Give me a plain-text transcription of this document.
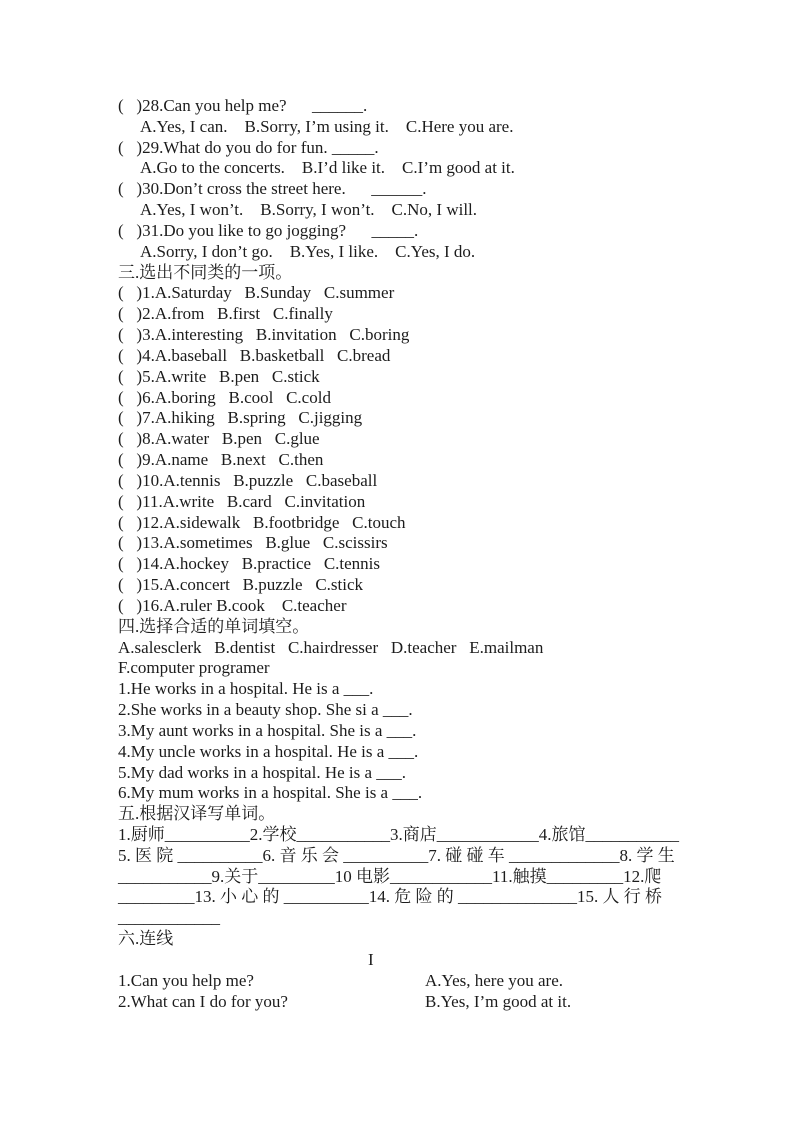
(   )28.Can you help me?      ______.
A.Yes, I can.    B.Sorry, I’m using it.    C.Here you are.
(   )29.What do you do for fun. _____.
A.Go to the concerts.    B.I’d like it.    C.I’m good at it.
(   )30.Don’t cross the street here.      ______.
A.Yes, I won’t.    B.Sorry, I won’t.    C.No, I will.
(   )31.Do you like to go jogging?      _____.
A.Sorry, I don’t go.    B.Yes, I like.    C.Yes, I do.
三.选出不同类的一项。
(   )1.A.Saturday   B.Sunday   C.summer
(   )2.A.from   B.first   C.finally
(   )3.A.interesting   B.invitation   C.boring
(   )4.A.baseball   B.basketball   C.bread
(   )5.A.write   B.pen   C.stick
(   )6.A.boring   B.cool   C.cold
(   )7.A.hiking   B.spring   C.jigging
(   )8.A.water   B.pen   C.glue
(   )9.A.name   B.next   C.then
(   )10.A.tennis   B.puzzle   C.baseball
(   )11.A.write   B.card   C.invitation
(   )12.A.sidewalk   B.footbridge   C.touch
(   )13.A.sometimes   B.glue   C.scissirs
(   )14.A.hockey   B.practice   C.tennis
(   )15.A.concert   B.puzzle   C.stick
(   )16.A.ruler B.cook    C.teacher
四.选择合适的单词填空。
A.salesclerk   B.dentist   C.hairdresser   D.teacher   E.mailman
F.computer programer
1.He works in a hospital. He is a ___.
2.She works in a beauty shop. She si a ___.
3.My aunt works in a hospital. She is a ___.
4.My uncle works in a hospital. He is a ___.
5.My dad works in a hospital. He is a ___.
6.My mum works in a hospital. She is a ___.
五.根据汉译写单词。
1.厨师__________2.学校___________3.商店____________4.旅馆___________
5. 医 院 __________6. 音 乐 会 __________7. 碰 碰 车 _____________8. 学 生
___________9.关于_________10 电影____________11.触摸_________12.爬
_________13. 小 心 的 __________14. 危 险 的 ______________15. 人 行 桥
____________
六.连线
I
1.Can you help me?	A.Yes, here you are.
2.What can I do for you?	B.Yes, I’m good at it.
